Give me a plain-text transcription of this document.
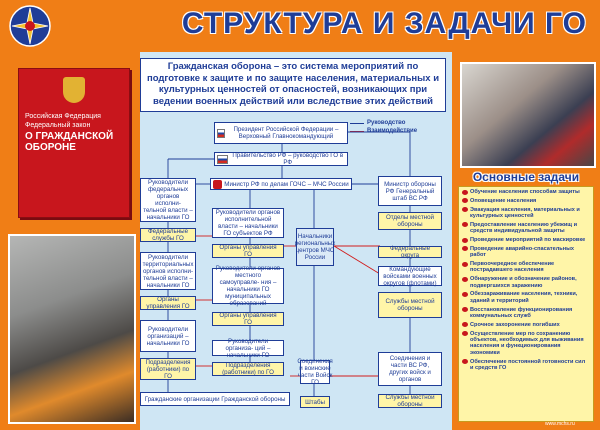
СТРУКТУРА И ЗАДАЧИ ГО
Российская Федерация
Федеральный закон
О ГРАЖДАНСКОЙ ОБОРОНЕ
Гражданская оборона – это система мероприятий по подготовке к защите и по защите населения, материальных и культурных ценностей от опасностей, возникающих при ведении военных действий или вследствие этих действий
Руководство
Взаимодействие
Президент Российской Федерации – Верховный Главнокомандующий
Правительство РФ – руководство ГО в РФ
Министр РФ по делам ГОЧС – МЧС России
Руководители федеральных органов исполни- тельной власти – начальники ГО
Федеральные службы ГО
Руководители территориальных органов исполни- тельной власти – начальники ГО
Органы управления ГО
Руководители организаций – начальники ГО
Подразделения (работники) по ГО
Руководители органов исполнительной власти – начальники ГО субъектов РФ
Органы управления ГО
Руководители органов местного самоуправле- ния – начальники ГО муниципальных образований
Органы управления ГО
Руководители организа- ций – начальники ГО
Подразделения (работники) по ГО
Начальники региональных центров МЧС России
Соединения и воинские части Войск ГО
Штабы
Министр обороны РФ Генеральный штаб ВС РФ
Отделы местной обороны
Федеральные округа
Командующие войсками военных округов (флотами)
Службы местной обороны
Соединения и части ВС РФ, других войск и органов
Службы местной обороны
Гражданские организации Гражданской обороны
Основные задачи
Обучение населения способам защиты
Оповещение населения
Эвакуация населения, материальных и культурных ценностей
Предоставление населению убежищ и средств индивидуальной защиты
Проведение мероприятий по маскировке
Проведение аварийно-спасательных работ
Первоочередное обеспечение пострадавшего населения
Обнаружение и обозначение районов, подвергшихся заражению
Обеззараживание населения, техники, зданий и территорий
Восстановление функционирования коммунальных служб
Срочное захоронение погибших
Осуществление мер по сохранению объектов, необходимых для выживания населения и функционирования экономики
Обеспечение постоянной готовности сил и средств ГО
www.mchs.ru
